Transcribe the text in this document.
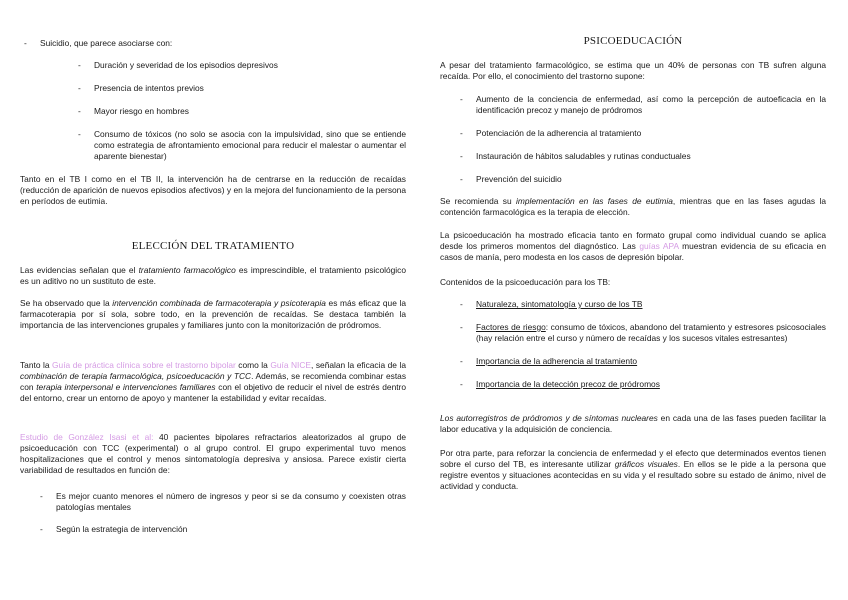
- Suicidio, que parece asociarse con:
- Duración y severidad de los episodios depresivos
- Presencia de intentos previos
- Mayor riesgo en hombres
- Consumo de tóxicos (no solo se asocia con la impulsividad, sino que se entiende como estrategia de afrontamiento emocional para reducir el malestar o aumentar el aparente bienestar)

Tanto en el TB I como en el TB II, la intervención ha de centrarse en la reducción de recaídas (reducción de aparición de nuevos episodios afectivos) y en la mejora del funcionamiento de la persona en períodos de eutimia.

ELECCIÓN DEL TRATAMIENTO

Las evidencias señalan que el tratamiento farmacológico es imprescindible, el tratamiento psicológico es un aditivo no un sustituto de este.

Se ha observado que la intervención combinada de farmacoterapia y psicoterapia es más eficaz que la farmacoterapia por sí sola, sobre todo, en la prevención de recaídas. Se destaca también la importancia de las intervenciones grupales y familiares junto con la monitorización de pródromos.

Tanto la Guía de práctica clínica sobre el trastorno bipolar como la Guía NICE, señalan la eficacia de la combinación de terapia farmacológica, psicoeducación y TCC. Además, se recomienda combinar estas con terapia interpersonal e intervenciones familiares con el objetivo de reducir el nivel de estrés dentro del entorno, crear un entorno de apoyo y mantener la estabilidad y evitar recaídas.

Estudio de González Isasi et al: 40 pacientes bipolares refractarios aleatorizados al grupo de psicoeducación con TCC (experimental) o al grupo control. El grupo experimental tuvo menos hospitalizaciones que el control y menos sintomatología depresiva y ansiosa. Parece existir cierta variabilidad de resultados en función de:

- Es mejor cuanto menores el número de ingresos y peor si se da consumo y coexisten otras patologías mentales
- Según la estrategia de intervención
PSICOEDUCACIÓN

A pesar del tratamiento farmacológico, se estima que un 40% de personas con TB sufren alguna recaída. Por ello, el conocimiento del trastorno supone:

- Aumento de la conciencia de enfermedad, así como la percepción de autoeficacia en la identificación precoz y manejo de pródromos
- Potenciación de la adherencia al tratamiento
- Instauración de hábitos saludables y rutinas conductuales
- Prevención del suicidio

Se recomienda su implementación en las fases de eutimia, mientras que en las fases agudas la contención farmacológica es la terapia de elección.

La psicoeducación ha mostrado eficacia tanto en formato grupal como individual cuando se aplica desde los primeros momentos del diagnóstico. Las guías APA muestran evidencia de su eficacia en casos de manía, pero modesta en los casos de depresión bipolar.

Contenidos de la psicoeducación para los TB:

- Naturaleza, sintomatología y curso de los TB
- Factores de riesgo: consumo de tóxicos, abandono del tratamiento y estresores psicosociales (hay relación entre el curso y número de recaídas y los sucesos vitales estresantes)
- Importancia de la adherencia al tratamiento
- Importancia de la detección precoz de pródromos

Los autorregistros de pródromos y de síntomas nucleares en cada una de las fases pueden facilitar la labor educativa y la adquisición de conciencia.

Por otra parte, para reforzar la conciencia de enfermedad y el efecto que determinados eventos tienen sobre el curso del TB, es interesante utilizar gráficos visuales. En ellos se le pide a la persona que registre eventos y situaciones acontecidas en su vida y el resultado sobre su estado de ánimo, nivel de actividad y conducta.
